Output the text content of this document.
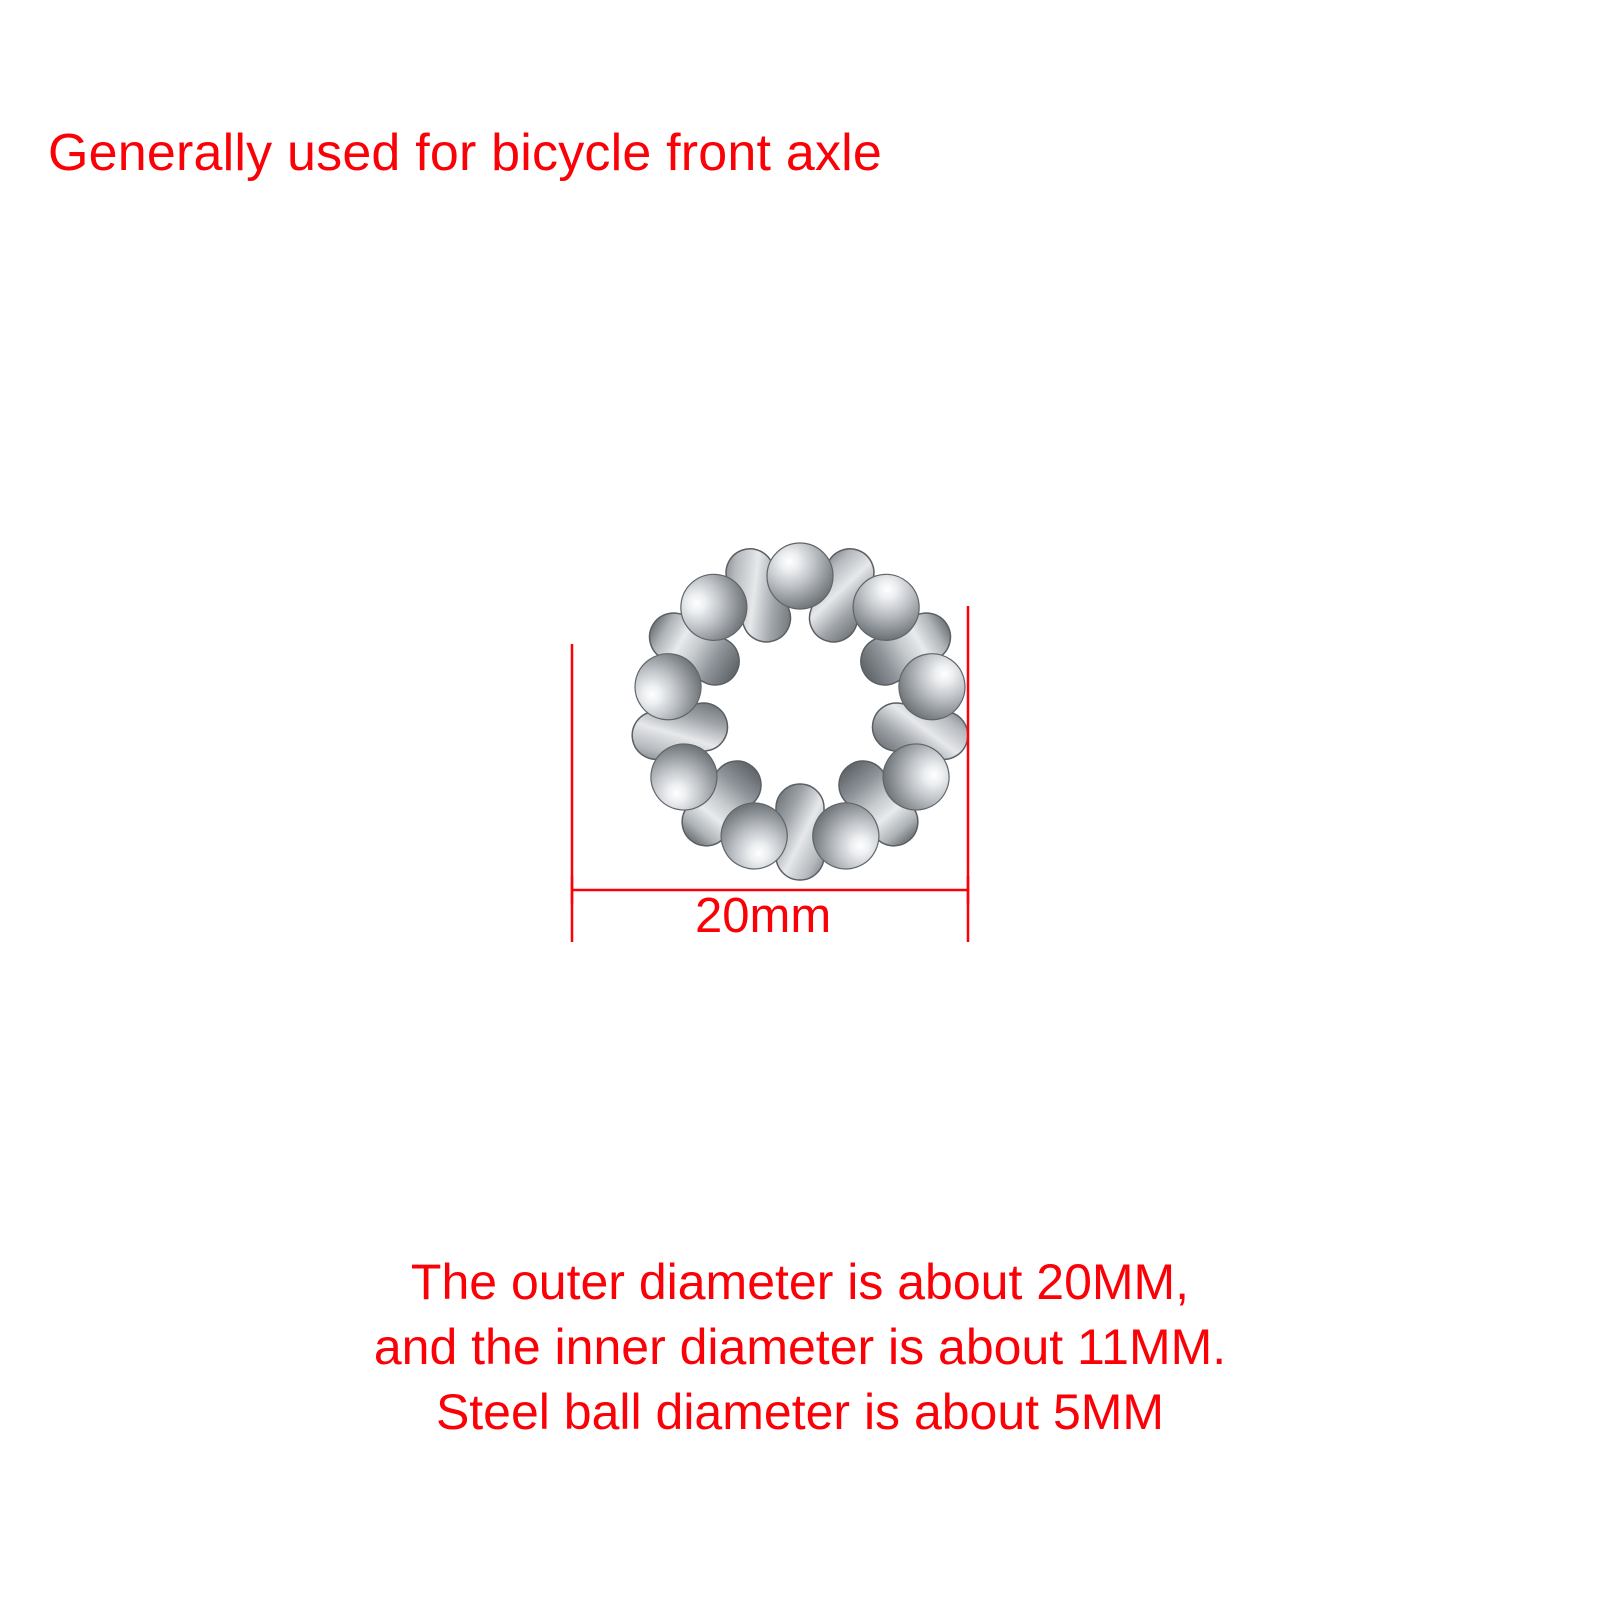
Generally used for bicycle front axle
20mm
The outer diameter is about 20MM,
and the inner diameter is about 11MM.
Steel ball diameter is about 5MM
